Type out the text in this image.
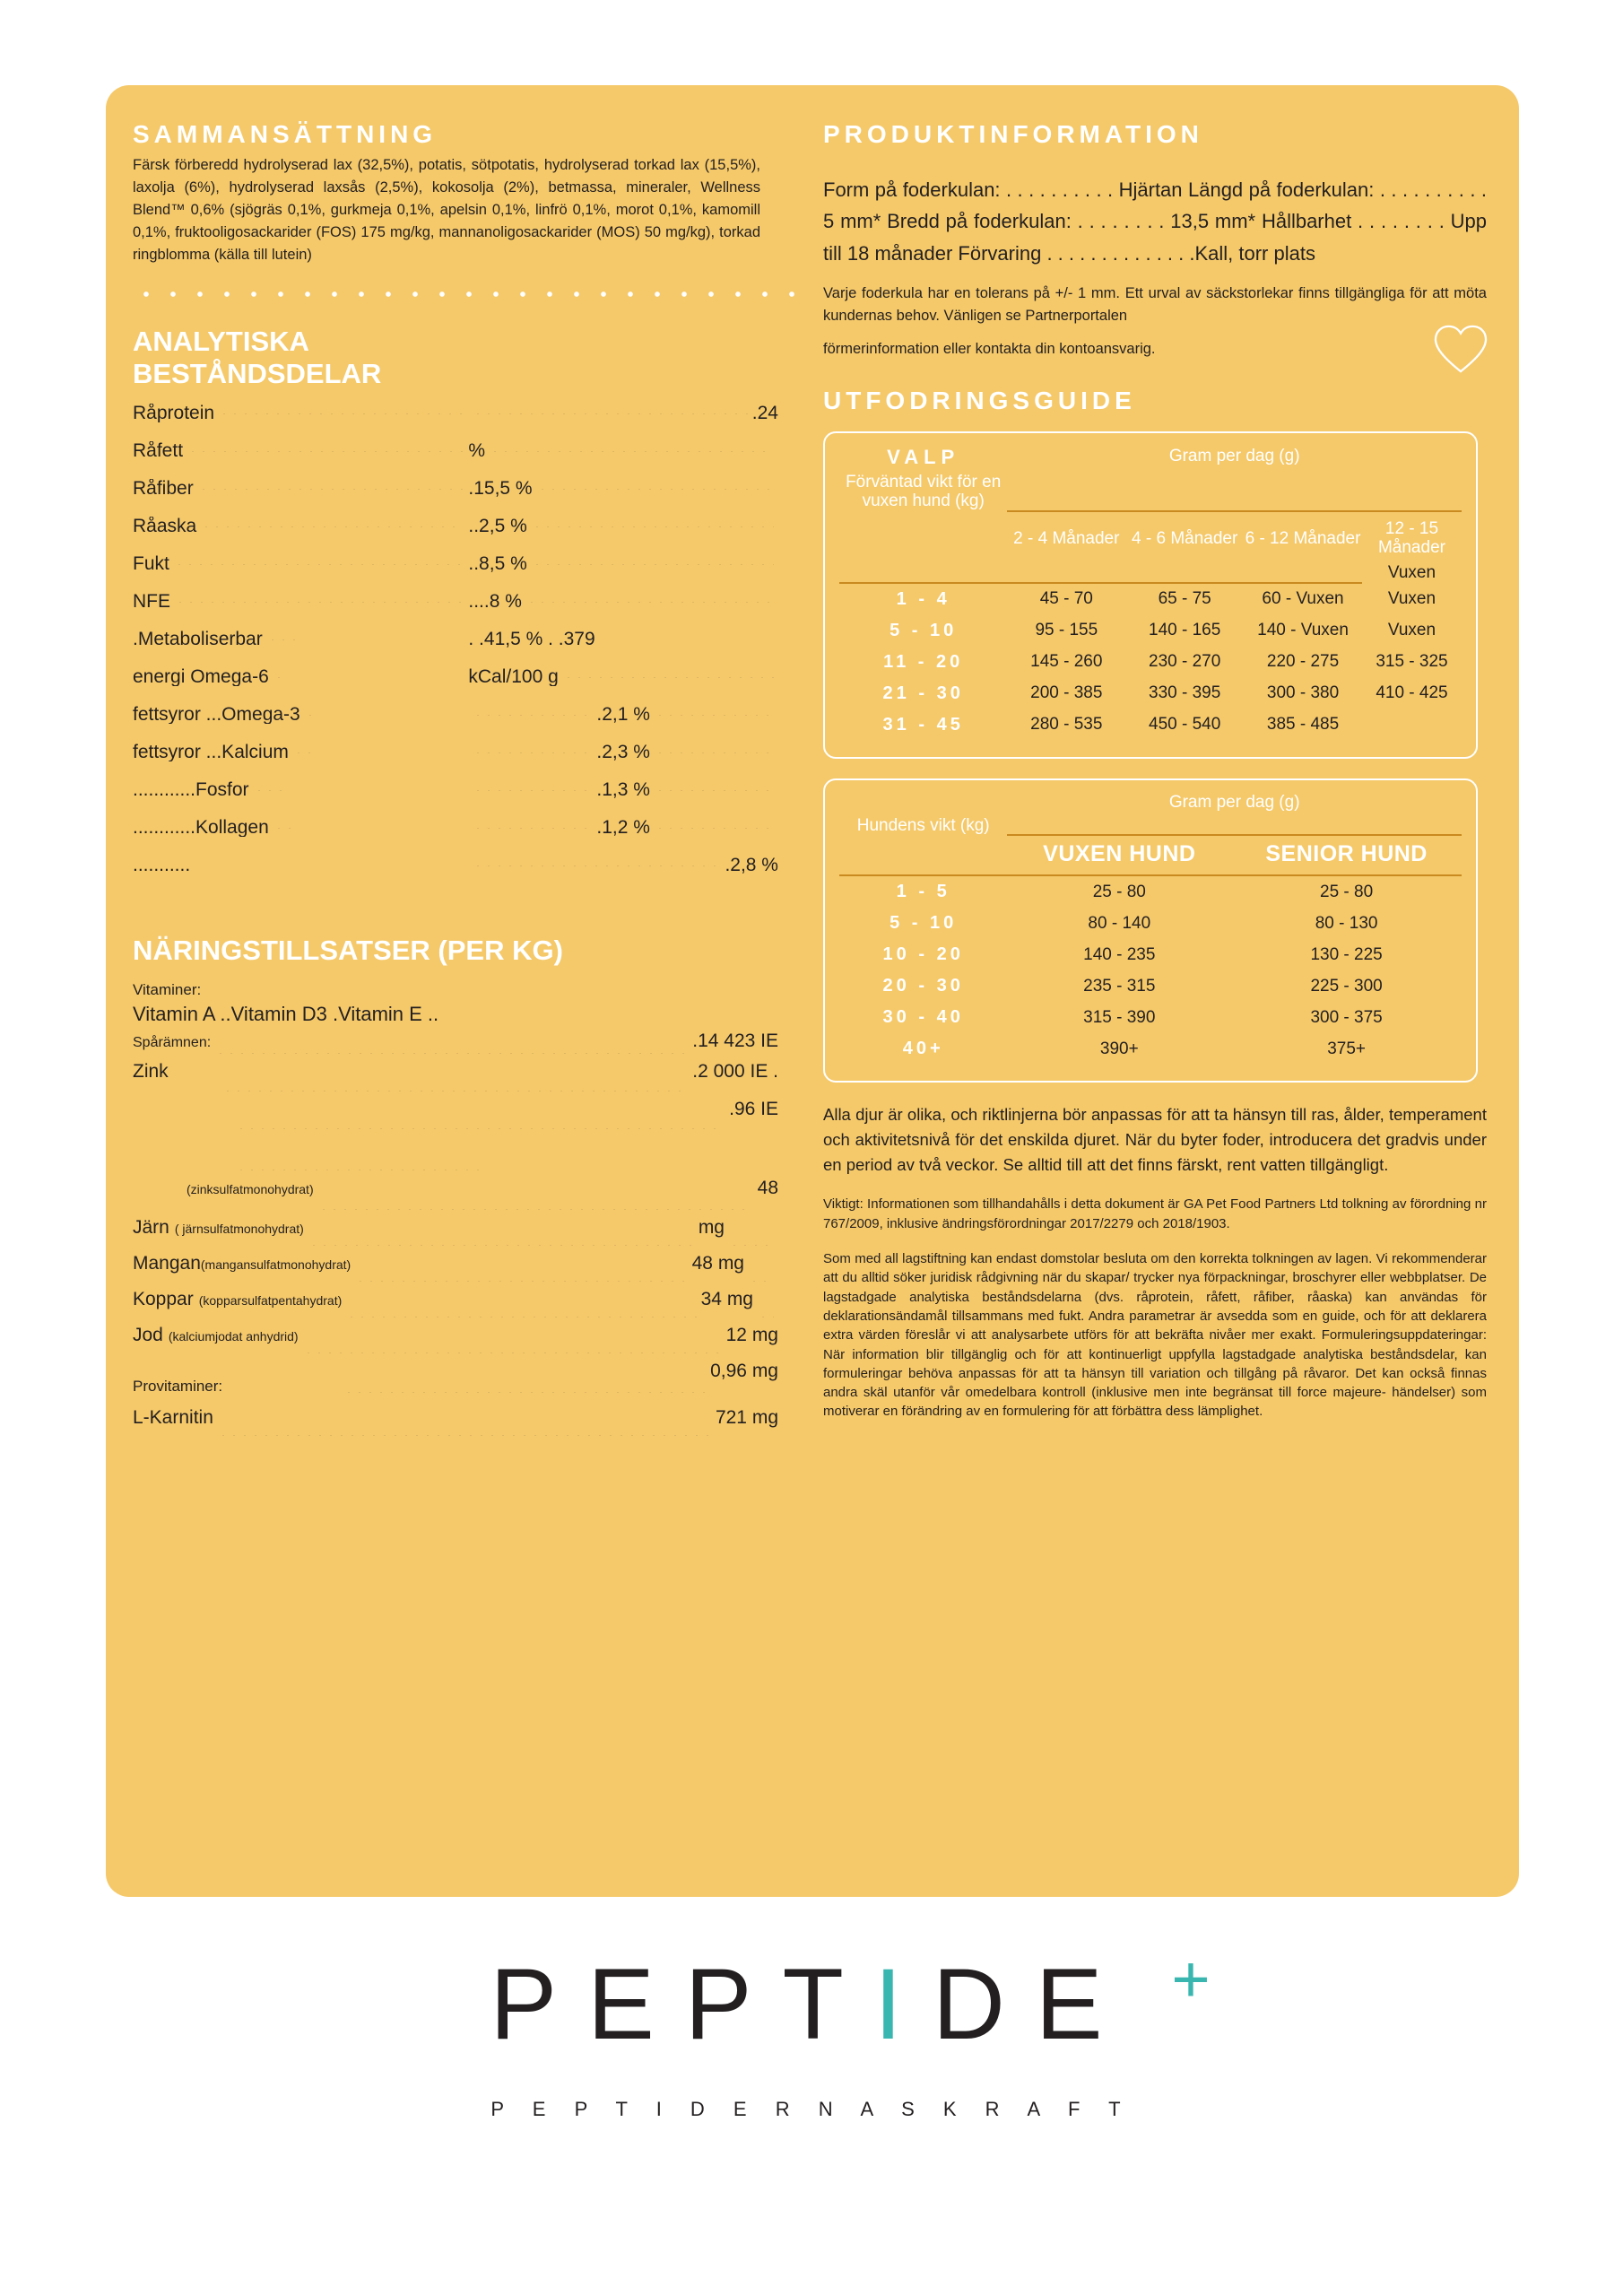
SAMMANSÄTTNING

Färsk förberedd hydrolyserad lax (32,5%), potatis, sötpotatis, hydrolyserad torkad lax (15,5%), laxolja (6%), hydrolyserad laxsås (2,5%), kokosolja (2%), betmassa, mineraler, Wellness Blend™ 0,6% (sjögräs 0,1%, gurkmeja 0,1%, apelsin 0,1%, linfrö 0,1%, morot 0,1%, kamomill 0,1%, fruktooligosackarider (FOS) 175 mg/kg, mannanoligosackarider (MOS) 50 mg/kg), torkad ringblomma (källa till lutein)

ANALYTISKA BESTÅNDSDELAR
Råprotein	.24
Råfett	%
Råfiber	.15,5 %
Råaska	..2,5 %
Fukt	..8,5 %
NFE	....8 %
.Metaboliserbar	. .41,5 % . .379
energi Omega-6	kCal/100 g
fettsyror ...Omega-3	.2,1 %
fettsyror ...Kalcium	.2,3 %
............Fosfor	.1,3 %
............Kollagen	.1,2 %
...........	.2,8 %
NÄRINGSTILLSATSER (PER KG)
Vitaminer:
Vitamin A ..Vitamin D3 .Vitamin E ..
Spårämnen:	.14 423 IE
Zink	.2 000 IE .
.96 IE
(zinksulfatmonohydrat)	48
Järn ( järnsulfatmonohydrat)	mg
Mangan (mangansulfatmonohydrat)	48 mg
Koppar (kopparsulfatpentahydrat)	34 mg
Jod (kalciumjodat anhydrid)	12 mg
0,96 mg
Provitaminer:
L-Karnitin	721 mg
PRODUKTINFORMATION

Form på foderkulan: . . . . . . . . . . Hjärtan Längd på foderkulan: . . . . . . . . . . 5 mm* Bredd på foderkulan: . . . . . . . . 13,5 mm* Hållbarhet . . . . . . . . Upp till 18 månader Förvaring . . . . . . . . . . . . . .Kall, torr plats

Varje foderkula har en tolerans på +/- 1 mm. Ett urval av säckstorlekar finns tillgängliga för att möta kundernas behov. Vänligen se Partnerportalen

förmerinformation eller kontakta din kontoansvarig.

UTFODRINGSGUIDE
VALP	Gram per dag (g)			

Förväntad vikt för en vuxen hund (kg)				

	2 - 4 Månader	4 - 6 Månader	6 - 12 Månader	12 - 15 Månader
				Vuxen
1 - 4	45 - 70	65 - 75	60 - Vuxen	Vuxen
5 - 10	95 - 155	140 - 165	140 - Vuxen	Vuxen
11 - 20	145 - 260	230 - 270	220 - 275	315 - 325
21 - 30	200 - 385	330 - 395	300 - 380	410 - 425
31 - 45	280 - 535	450 - 540	385 - 485	

	Gram per dag (g)	

Hundens vikt (kg)		

	VUXEN HUND	SENIOR HUND

1 - 5	25 - 80	25 - 80
5 - 10	80 - 140	80 - 130
10 - 20	140 - 235	130 - 225
20 - 30	235 - 315	225 - 300
30 - 40	315 - 390	300 - 375
40+	390+	375+

Alla djur är olika, och riktlinjerna bör anpassas för att ta hänsyn till ras, ålder, temperament och aktivitetsnivå för det enskilda djuret. När du byter foder, introducera det gradvis under en period av två veckor. Se alltid till att det finns färskt, rent vatten tillgängligt.

Viktigt: Informationen som tillhandahålls i detta dokument är GA Pet Food Partners Ltd tolkning av förordning nr 767/2009, inklusive ändringsförordningar 2017/2279 och 2018/1903.

Som med all lagstiftning kan endast domstolar besluta om den korrekta tolkningen av lagen. Vi rekommenderar att du alltid söker juridisk rådgivning när du skapar/ trycker nya förpackningar, broschyrer eller webbplatser. De lagstadgade analytiska beståndsdelarna (dvs. råprotein, råfett, råfiber, råaska) kan användas för deklarationsändamål tillsammans med fukt. Andra parametrar är avsedda som en guide, och för att deklarera extra värden föreslår vi att analysarbete utförs för att bekräfta nivåer mer exakt. Formuleringsuppdateringar: När information blir tillgänglig och för att kontinuerligt uppfylla lagstadgade analytiska beståndsdelar, kan formuleringar behöva anpassas för att ta hänsyn till variation och tillgång på råvaror. Det kan också finnas andra skäl utanför vår omedelbara kontroll (inklusive men inte begränsat till force majeure- händelser) som motiverar en förändring av en formulering för att förbättra dess lämplighet.

PEPTIDE +
P E P T I D E R N A S K R A F T
